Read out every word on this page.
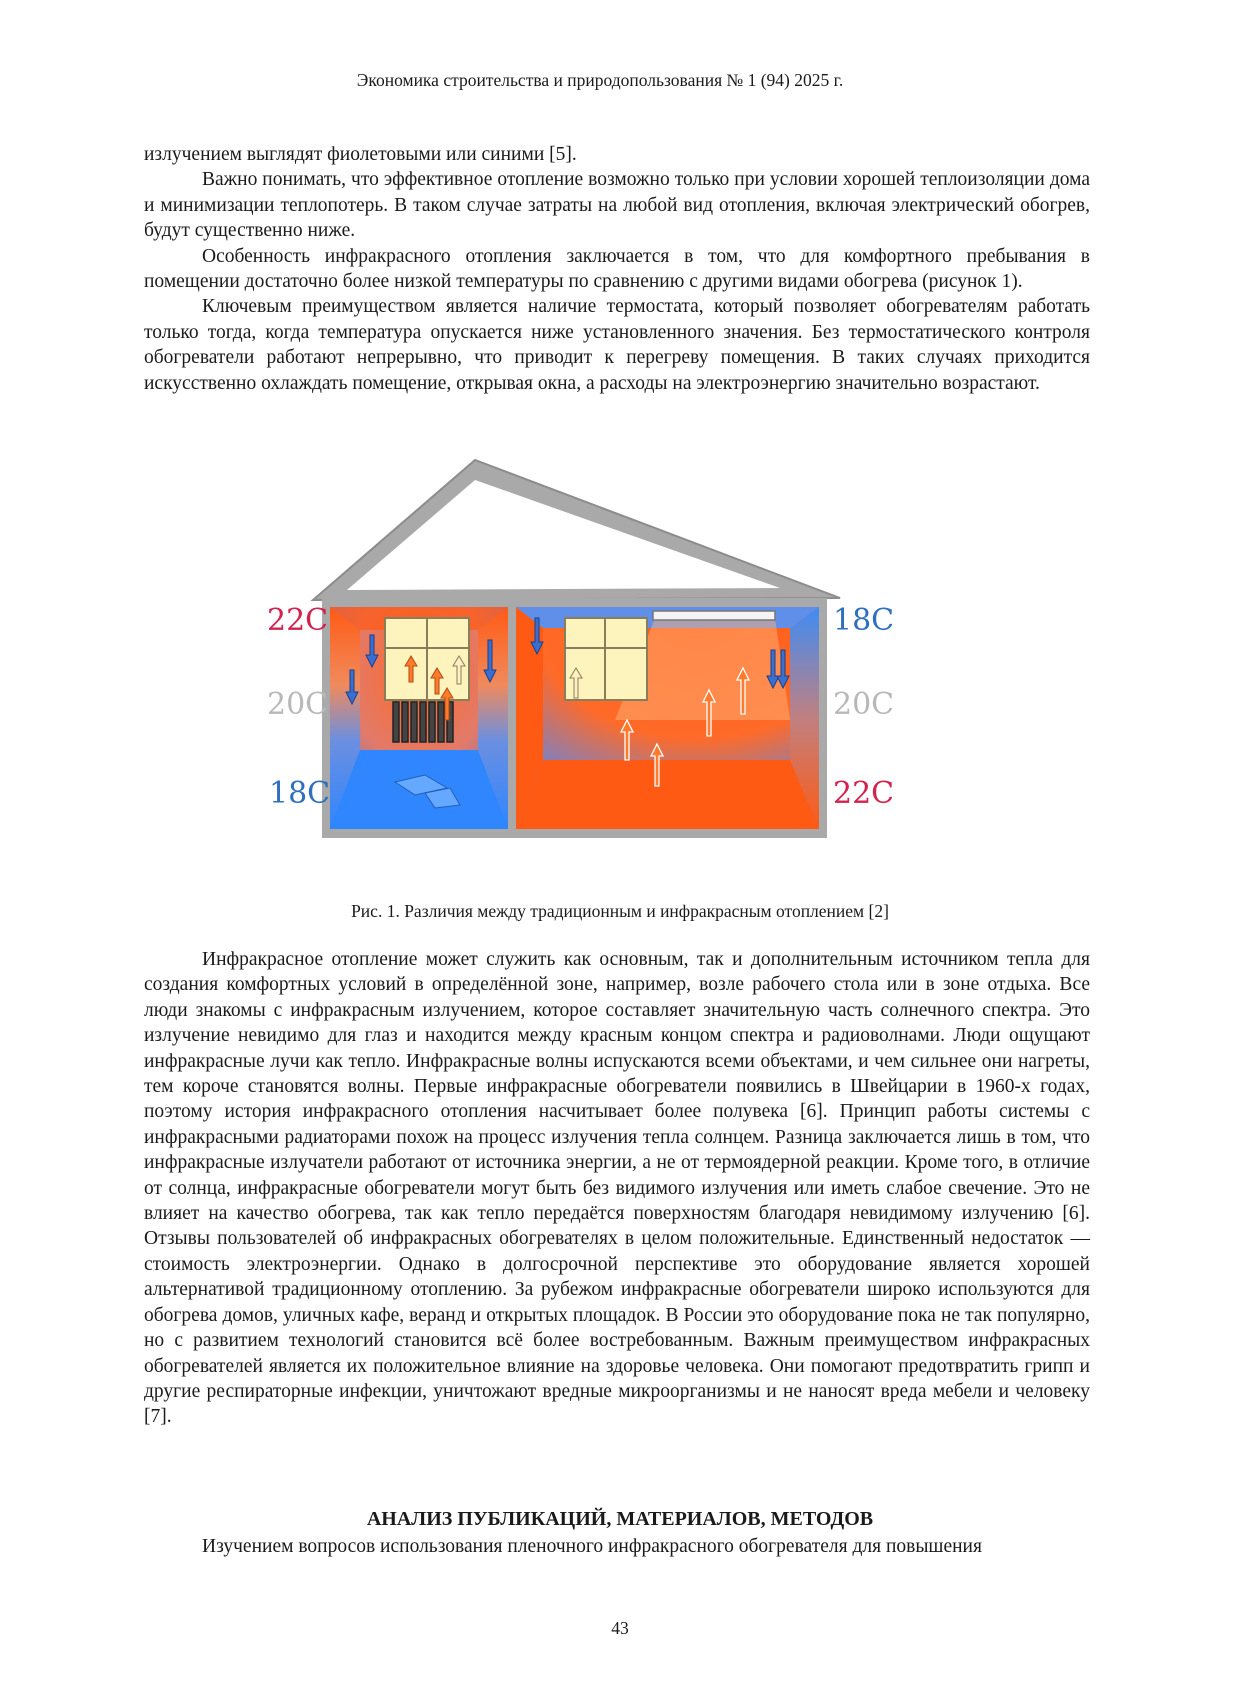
Экономика строительства и природопользования № 1 (94) 2025 г.

излучением выглядят фиолетовыми или синими [5].

Важно понимать, что эффективное отопление возможно только при условии хорошей теплоизоляции дома и минимизации теплопотерь. В таком случае затраты на любой вид отопления, включая электрический обогрев, будут существенно ниже.

Особенность инфракрасного отопления заключается в том, что для комфортного пребывания в помещении достаточно более низкой температуры по сравнению с другими видами обогрева (рисунок 1).

Ключевым преимуществом является наличие термостата, который позволяет обогревателям работать только тогда, когда температура опускается ниже установленного значения. Без термостатического контроля обогреватели работают непрерывно, что приводит к перегреву помещения. В таких случаях приходится искусственно охлаждать помещение, открывая окна, а расходы на электроэнергию значительно возрастают.

22C
20C
18C
18C
20C
22C
Рис. 1. Различия между традиционным и инфракрасным отоплением [2]

Инфракрасное отопление может служить как основным, так и дополнительным источником тепла для создания комфортных условий в определённой зоне, например, возле рабочего стола или в зоне отдыха. Все люди знакомы с инфракрасным излучением, которое составляет значительную часть солнечного спектра. Это излучение невидимо для глаз и находится между красным концом спектра и радиоволнами. Люди ощущают инфракрасные лучи как тепло. Инфракрасные волны испускаются всеми объектами, и чем сильнее они нагреты, тем короче становятся волны. Первые инфракрасные обогреватели появились в Швейцарии в 1960-х годах, поэтому история инфракрасного отопления насчитывает более полувека [6]. Принцип работы системы с инфракрасными радиаторами похож на процесс излучения тепла солнцем. Разница заключается лишь в том, что инфракрасные излучатели работают от источника энергии, а не от термоядерной реакции. Кроме того, в отличие от солнца, инфракрасные обогреватели могут быть без видимого излучения или иметь слабое свечение. Это не влияет на качество обогрева, так как тепло передаётся поверхностям благодаря невидимому излучению [6]. Отзывы пользователей об инфракрасных обогревателях в целом положительные. Единственный недостаток — стоимость электроэнергии. Однако в долгосрочной перспективе это оборудование является хорошей альтернативой традиционному отоплению. За рубежом инфракрасные обогреватели широко используются для обогрева домов, уличных кафе, веранд и открытых площадок. В России это оборудование пока не так популярно, но с развитием технологий становится всё более востребованным. Важным преимуществом инфракрасных обогревателей является их положительное влияние на здоровье человека. Они помогают предотвратить грипп и другие респираторные инфекции, уничтожают вредные микроорганизмы и не наносят вреда мебели и человеку [7].

АНАЛИЗ ПУБЛИКАЦИЙ, МАТЕРИАЛОВ, МЕТОДОВ

Изучением вопросов использования пленочного инфракрасного обогревателя для повышения

43
